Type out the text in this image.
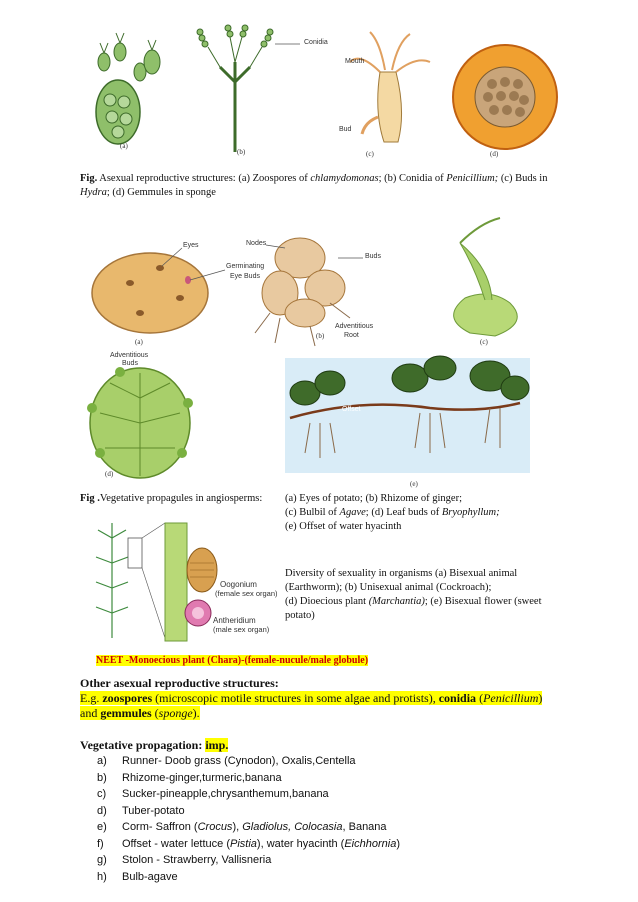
(a)
(b)	(c)	(d)
Conidia
Mouth
Bud
Fig. Asexual reproductive structures: (a) Zoospores of chlamydomonas; (b) Conidia of Penicillium; (c) Buds in
Hydra; (d) Gemmules in sponge
Eyes
Germinating
Eye Buds
(a)
Nodes
Buds
(b)
Adventitious
Root
(c)
Adventitious
Buds
(d)
Offset
(e)
Fig .Vegetative propagules in angiosperms: (a) Eyes of potato; (b) Rhizome of ginger;
(c) Bulbil of Agave; (d) Leaf buds of Bryophyllum;
(e) Offset of water hyacinth
Oogonium
(female sex organ)
Antheridium
(male sex organ)
Diversity of sexuality in organisms (a) Bisexual animal
(Earthworm); (b) Unisexual animal (Cockroach);
(d) Dioecious plant (Marchantia); (e) Bisexual flower (sweet
potato)
NEET -Monoecious plant (Chara)-(female-nucule/male globule)
Other asexual reproductive structures:
E.g. zoospores (microscopic motile structures in some algae and protists), conidia (Penicillium)
and gemmules (sponge).
Vegetative propagation: imp.
a)	Runner- Doob grass (Cynodon), Oxalis,Centella
b)	Rhizome-ginger,turmeric,banana
c)	Sucker-pineapple,chrysanthemum,banana
d)	Tuber-potato
e)	Corm- Saffron (Crocus), Gladiolus, Colocasia, Banana
f)	Offset - water lettuce (Pistia), water hyacinth (Eichhornia)
g)	Stolon - Strawberry, Vallisneria
h)	Bulb-agave
